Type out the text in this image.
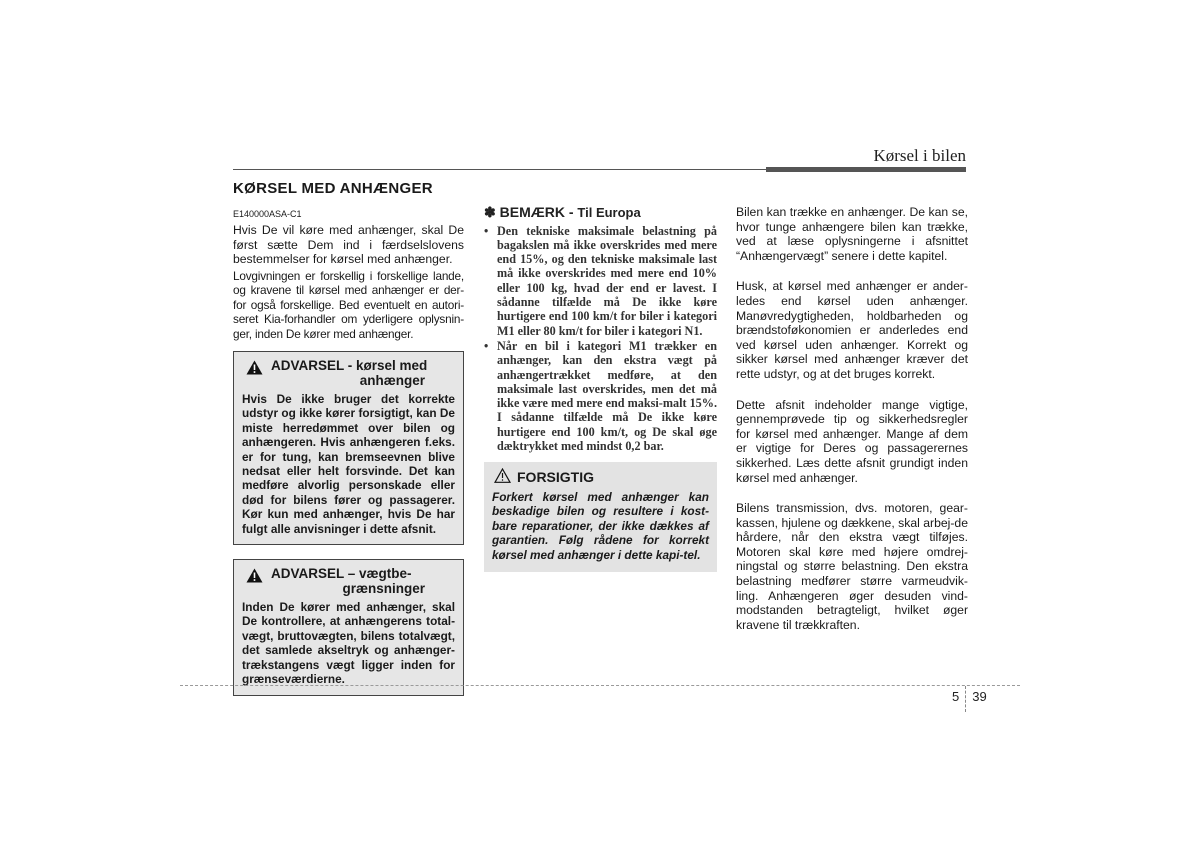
Kørsel i bilen
KØRSEL MED ANHÆNGER
E140000ASA-C1
Hvis De vil køre med anhænger, skal De først sætte Dem ind i færdselslovens bestemmelser for kørsel med anhænger.
Lovgivningen er forskellig i forskellige lande, og kravene til kørsel med anhænger er der-for også forskellige. Bed eventuelt en autori-seret Kia-forhandler om yderligere oplysnin-ger, inden De kører med anhænger.
ADVARSEL - kørsel med
anhænger
Hvis De ikke bruger det korrekte udstyr og ikke kører forsigtigt, kan De miste herredømmet over bilen og anhængeren. Hvis anhængeren f.eks. er for tung, kan bremseevnen blive nedsat eller helt forsvinde. Det kan medføre alvorlig personskade eller død for bilens fører og passagerer. Kør kun med anhænger, hvis De har fulgt alle anvisninger i dette afsnit.
ADVARSEL – vægtbe-
grænsninger
Inden De kører med anhænger, skal De kontrollere, at anhængerens total-vægt, bruttovægten, bilens totalvægt, det samlede akseltryk og anhænger-trækstangens vægt ligger inden for grænseværdierne.
✽ BEMÆRK - Til Europa
• Den tekniske maksimale belastning på bagakslen må ikke overskrides med mere end 15%, og den tekniske maksimale last må ikke overskrides med mere end 10% eller 100 kg, hvad der end er lavest. I sådanne tilfælde må De ikke køre hurtigere end 100 km/t for biler i kategori M1 eller 80 km/t for biler i kategori N1.
• Når en bil i kategori M1 trækker en anhænger, kan den ekstra vægt på anhængertrækket medføre, at den maksimale last overskrides, men det må ikke være med mere end maksi-malt 15%. I sådanne tilfælde må De ikke køre hurtigere end 100 km/t, og De skal øge dæktrykket med mindst 0,2 bar.
FORSIGTIG
Forkert kørsel med anhænger kan beskadige bilen og resultere i kost-bare reparationer, der ikke dækkes af garantien. Følg rådene for korrekt kørsel med anhænger i dette kapi-tel.
Bilen kan trække en anhænger. De kan se, hvor tunge anhængere bilen kan trække, ved at læse oplysningerne i afsnittet “Anhængervægt” senere i dette kapitel.
Husk, at kørsel med anhænger er ander-ledes end kørsel uden anhænger. Manøvredygtigheden, holdbarheden og brændstoføkonomien er anderledes end ved kørsel uden anhænger. Korrekt og sikker kørsel med anhænger kræver det rette udstyr, og at det bruges korrekt.
Dette afsnit indeholder mange vigtige, gennemprøvede tip og sikkerhedsregler for kørsel med anhænger. Mange af dem er vigtige for Deres og passagerernes sikkerhed. Læs dette afsnit grundigt inden kørsel med anhænger.
Bilens transmission, dvs. motoren, gear-kassen, hjulene og dækkene, skal arbej-de hårdere, når den ekstra vægt tilføjes. Motoren skal køre med højere omdrej-ningstal og større belastning. Den ekstra belastning medfører større varmeudvik-ling. Anhængeren øger desuden vind-modstanden betragteligt, hvilket øger kravene til trækkraften.
5 39
